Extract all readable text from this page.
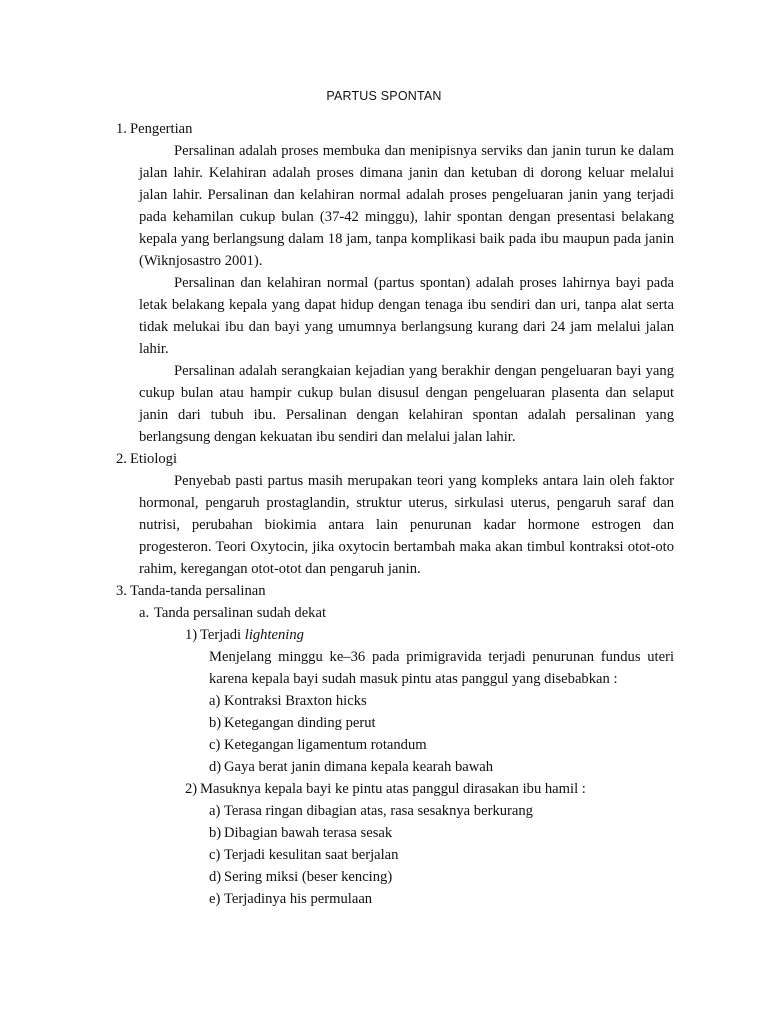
PARTUS SPONTAN
1. Pengertian
Persalinan adalah proses membuka dan menipisnya serviks dan janin turun ke dalam jalan lahir. Kelahiran adalah proses dimana janin dan ketuban di dorong keluar melalui jalan lahir. Persalinan dan kelahiran normal adalah proses pengeluaran janin yang terjadi pada kehamilan cukup bulan (37-42 minggu), lahir spontan dengan presentasi belakang kepala yang berlangsung dalam 18 jam, tanpa komplikasi baik pada ibu maupun pada janin (Wiknjosastro 2001).
Persalinan dan kelahiran normal (partus spontan) adalah proses lahirnya bayi pada letak belakang kepala yang dapat hidup dengan tenaga ibu sendiri dan uri, tanpa alat serta tidak melukai ibu dan bayi yang umumnya berlangsung kurang dari 24 jam melalui jalan lahir.
Persalinan adalah serangkaian kejadian yang berakhir dengan pengeluaran bayi yang cukup bulan atau hampir cukup bulan disusul dengan pengeluaran plasenta dan selaput janin dari tubuh ibu. Persalinan dengan kelahiran spontan adalah persalinan yang berlangsung dengan kekuatan ibu sendiri dan melalui jalan lahir.
2. Etiologi
Penyebab pasti partus masih merupakan teori yang kompleks antara lain oleh faktor hormonal, pengaruh prostaglandin, struktur uterus, sirkulasi uterus, pengaruh saraf dan nutrisi, perubahan biokimia antara lain penurunan kadar hormone estrogen dan progesteron. Teori Oxytocin, jika oxytocin bertambah maka akan timbul kontraksi otot-oto rahim, keregangan otot-otot dan pengaruh janin.
3. Tanda-tanda persalinan
a. Tanda persalinan sudah dekat
1) Terjadi lightening
Menjelang minggu ke–36 pada primigravida terjadi penurunan fundus uteri karena kepala bayi sudah masuk pintu atas panggul yang disebabkan :
a) Kontraksi Braxton hicks
b) Ketegangan dinding perut
c) Ketegangan ligamentum rotandum
d) Gaya berat janin dimana kepala kearah bawah
2) Masuknya kepala bayi ke pintu atas panggul dirasakan ibu hamil :
a) Terasa ringan dibagian atas, rasa sesaknya berkurang
b) Dibagian bawah terasa sesak
c) Terjadi kesulitan saat berjalan
d) Sering miksi (beser kencing)
e) Terjadinya his permulaan
